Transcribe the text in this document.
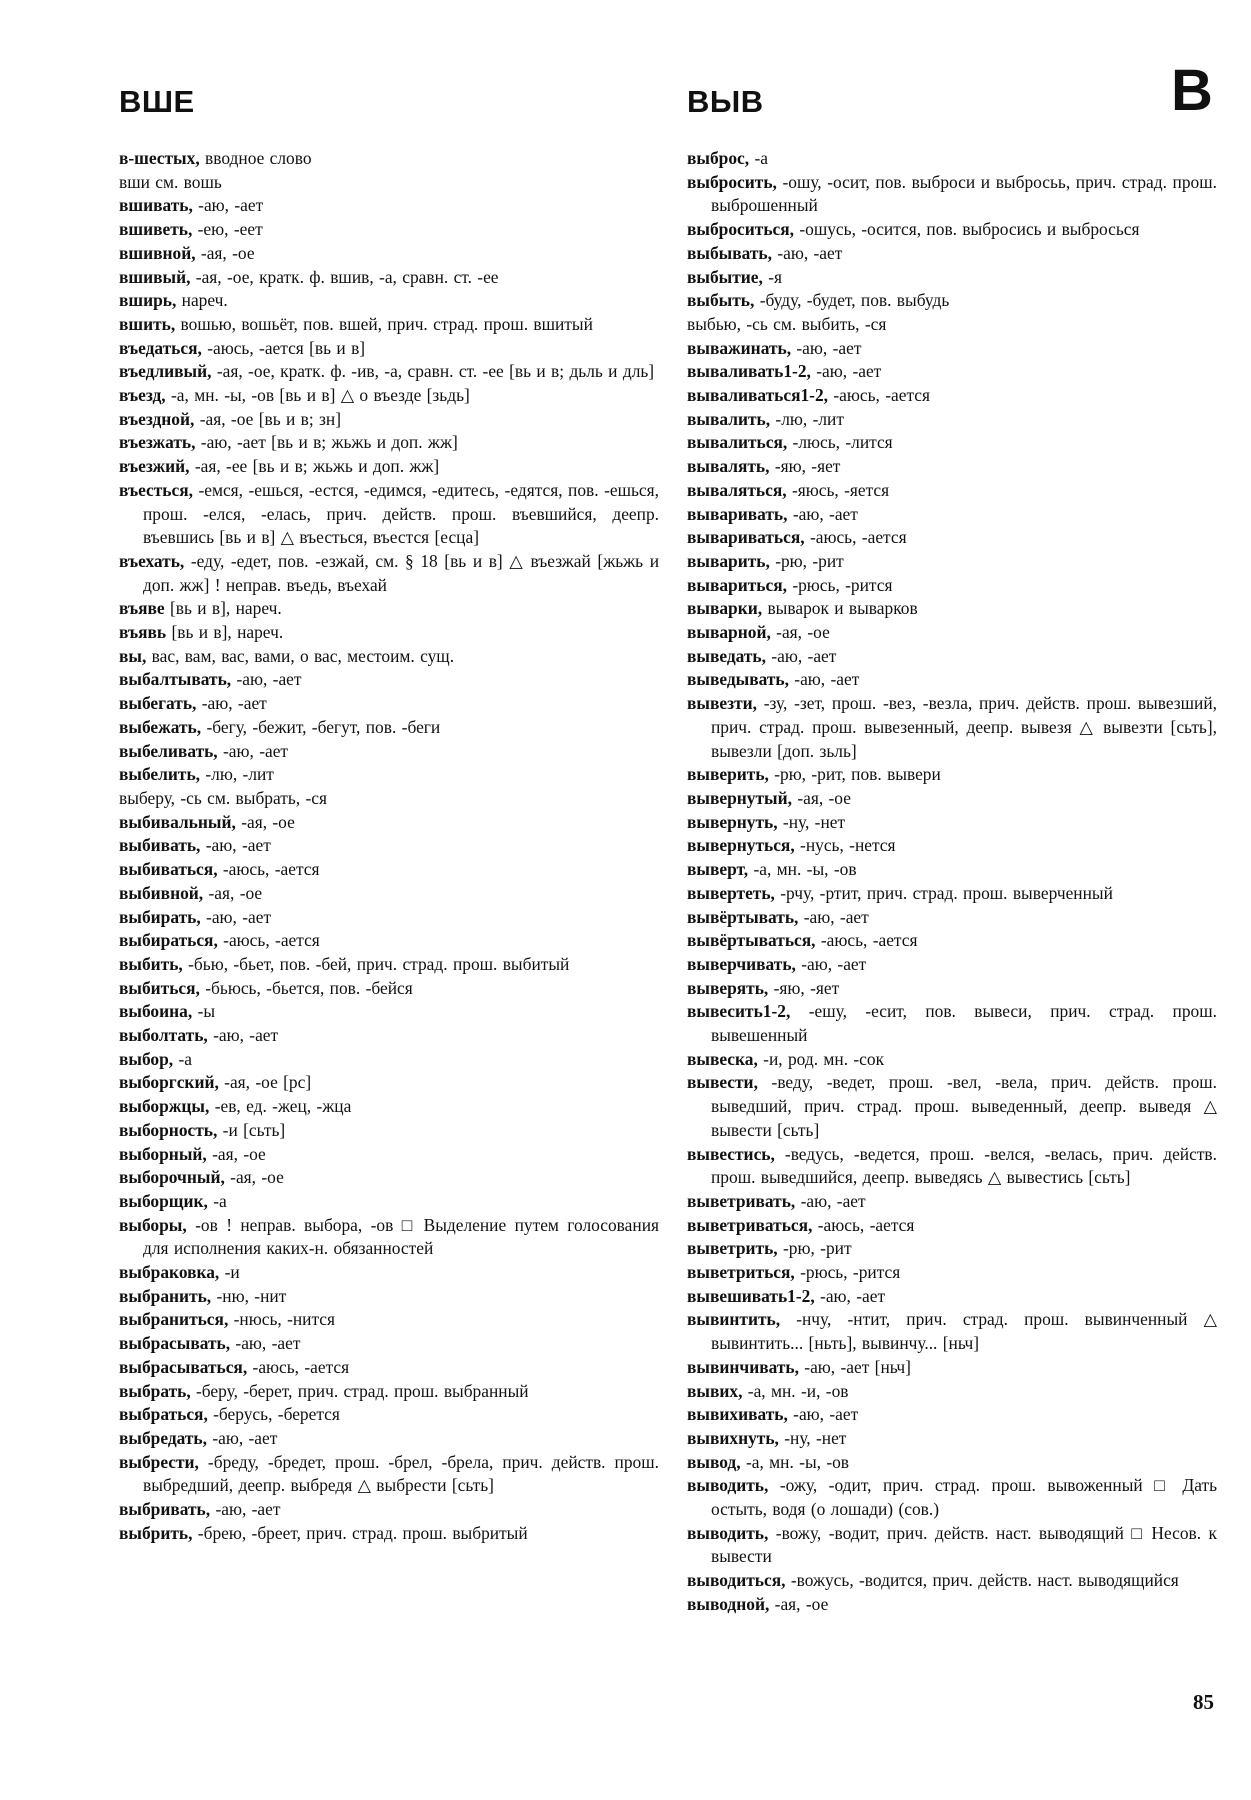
ВШЕ	ВЫВ	В
в-шестых, вводное слово
вши см. вошь
вшивать, -аю, -ает
вшиветь, -ею, -еет
вшивной, -ая, -ое
вшивый, -ая, -ое, кратк. ф. вшив, -а, сравн. ст. -ее
вширь, нареч.
вшить, вошью, вошьёт, пов. вшей, прич. страд. прош. вшитый
въедаться, -аюсь, -ается [вь и в]
въедливый, -ая, -ое, кратк. ф. -ив, -а, сравн. ст. -ее [вь и в; дьль и дль]
въезд, -а, мн. -ы, -ов [вь и в] △ о въезде [зьдь]
въездной, -ая, -ое [вь и в; зн]
въезжать, -аю, -ает [вь и в; жьжь и доп. жж]
въезжий, -ая, -ее [вь и в; жьжь и доп. жж]
въесться, -емся, -ешься, -естся, -едимся, -едитесь, -едятся, пов. -ешься, прош. -елся, -елась, прич. действ. прош. въевшийся, деепр. въевшись [вь и в] △ въесться, въестся [есца]
въехать, -еду, -едет, пов. -езжай, см. § 18 [вь и в] △ въезжай [жьжь и доп. жж] ! неправ. въедь, въехай
въяве [вь и в], нареч.
въявь [вь и в], нареч.
вы, вас, вам, вас, вами, о вас, местоим. сущ.
выбалтывать, -аю, -ает
выбегать, -аю, -ает
выбежать, -бегу, -бежит, -бегут, пов. -беги
выбеливать, -аю, -ает
выбелить, -лю, -лит
выберу, -сь см. выбрать, -ся
выбивальный, -ая, -ое
выбивать, -аю, -ает
выбиваться, -аюсь, -ается
выбивной, -ая, -ое
выбирать, -аю, -ает
выбираться, -аюсь, -ается
выбить, -бью, -бьет, пов. -бей, прич. страд. прош. выбитый
выбиться, -бьюсь, -бьется, пов. -бейся
выбоина, -ы
выболтать, -аю, -ает
выбор, -а
выборгский, -ая, -ое [рс]
выборжцы, -ев, ед. -жец, -жца
выборность, -и [сьть]
выборный, -ая, -ое
выборочный, -ая, -ое
выборщик, -а
выборы, -ов ! неправ. выбора, -ов □ Выделение путем голосования для исполнения каких-н. обязанностей
выбраковка, -и
выбранить, -ню, -нит
выбраниться, -нюсь, -нится
выбрасывать, -аю, -ает
выбрасываться, -аюсь, -ается
выбрать, -беру, -берет, прич. страд. прош. выбранный
выбраться, -берусь, -берется
выбредать, -аю, -ает
выбрести, -бреду, -бредет, прош. -брел, -брела, прич. действ. прош. выбредший, деепр. выбредя △ выбрести [сьть]
выбривать, -аю, -ает
выбрить, -брею, -бреет, прич. страд. прош. выбритый
выброс, -а
выбросить, -ошу, -осит, пов. выброси и выбросьь, прич. страд. прош. выброшенный
выброситься, -ошусь, -осится, пов. выбросись и выбросься
выбывать, -аю, -ает
выбытие, -я
выбыть, -буду, -будет, пов. выбудь
выбью, -сь см. выбить, -ся
выважинать, -аю, -ает
вываливать1-2, -аю, -ает
вываливаться1-2, -аюсь, -ается
вывалить, -лю, -лит
вывалиться, -люсь, -лится
вывалять, -яю, -яет
вываляться, -яюсь, -яется
вываривать, -аю, -ает
вывариваться, -аюсь, -ается
выварить, -рю, -рит
вывариться, -рюсь, -рится
выварки, выварок и выварков
выварной, -ая, -ое
выведать, -аю, -ает
выведывать, -аю, -ает
вывезти, -зу, -зет, прош. -вез, -везла, прич. действ. прош. вывезший, прич. страд. прош. вывезенный, деепр. вывезя △ вывезти [сьть], вывезли [доп. зьль]
выверить, -рю, -рит, пов. вывери
вывернутый, -ая, -ое
вывернуть, -ну, -нет
вывернуться, -нусь, -нется
выверт, -а, мн. -ы, -ов
вывертеть, -рчу, -ртит, прич. страд. прош. выверченный
вывёртывать, -аю, -ает
вывёртываться, -аюсь, -ается
выверчивать, -аю, -ает
выверять, -яю, -яет
вывесить1-2, -ешу, -есит, пов. вывеси, прич. страд. прош. вывешенный
вывеска, -и, род. мн. -сок
вывести, -веду, -ведет, прош. -вел, -вела, прич. действ. прош. выведший, прич. страд. прош. выведенный, деепр. выведя △ вывести [сьть]
вывестись, -ведусь, -ведется, прош. -велся, -велась, прич. действ. прош. выведшийся, деепр. выведясь △ вывестись [сьть]
выветривать, -аю, -ает
выветриваться, -аюсь, -ается
выветрить, -рю, -рит
выветриться, -рюсь, -рится
вывешивать1-2, -аю, -ает
вывинтить, -нчу, -нтит, прич. страд. прош. вывинченный △ вывинтить... [ньть], вывинчу... [ньч]
вывинчивать, -аю, -ает [ньч]
вывих, -а, мн. -и, -ов
вывихивать, -аю, -ает
вывихнуть, -ну, -нет
вывод, -а, мн. -ы, -ов
выводить, -ожу, -одит, прич. страд. прош. вывоженный □ Дать остыть, водя (о лошади) (сов.)
выводить, -вожу, -водит, прич. действ. наст. выводящий □ Несов. к вывести
выводиться, -вожусь, -водится, прич. действ. наст. выводящийся
выводной, -ая, -ое
85
